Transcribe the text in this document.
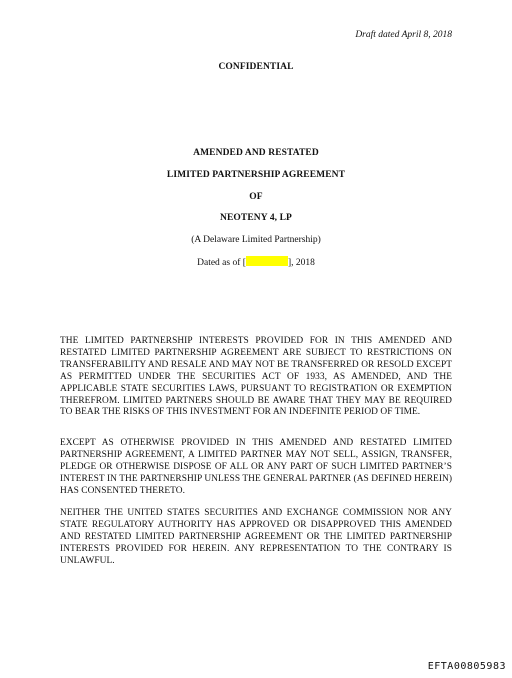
Draft dated April 8, 2018
CONFIDENTIAL
AMENDED AND RESTATED
LIMITED PARTNERSHIP AGREEMENT
OF
NEOTENY 4, LP
(A Delaware Limited Partnership)
Dated as of [	], 2018
THE LIMITED PARTNERSHIP INTERESTS PROVIDED FOR IN THIS AMENDED AND RESTATED LIMITED PARTNERSHIP AGREEMENT ARE SUBJECT TO RESTRICTIONS ON TRANSFERABILITY AND RESALE AND MAY NOT BE TRANSFERRED OR RESOLD EXCEPT AS PERMITTED UNDER THE SECURITIES ACT OF 1933, AS AMENDED, AND THE APPLICABLE STATE SECURITIES LAWS, PURSUANT TO REGISTRATION OR EXEMPTION THEREFROM. LIMITED PARTNERS SHOULD BE AWARE THAT THEY MAY BE REQUIRED TO BEAR THE RISKS OF THIS INVESTMENT FOR AN INDEFINITE PERIOD OF TIME.
EXCEPT AS OTHERWISE PROVIDED IN THIS AMENDED AND RESTATED LIMITED PARTNERSHIP AGREEMENT, A LIMITED PARTNER MAY NOT SELL, ASSIGN, TRANSFER, PLEDGE OR OTHERWISE DISPOSE OF ALL OR ANY PART OF SUCH LIMITED PARTNER’S INTEREST IN THE PARTNERSHIP UNLESS THE GENERAL PARTNER (AS DEFINED HEREIN) HAS CONSENTED THERETO.
NEITHER THE UNITED STATES SECURITIES AND EXCHANGE COMMISSION NOR ANY STATE REGULATORY AUTHORITY HAS APPROVED OR DISAPPROVED THIS AMENDED AND RESTATED LIMITED PARTNERSHIP AGREEMENT OR THE LIMITED PARTNERSHIP INTERESTS PROVIDED FOR HEREIN. ANY REPRESENTATION TO THE CONTRARY IS UNLAWFUL.
EFTA00805983
